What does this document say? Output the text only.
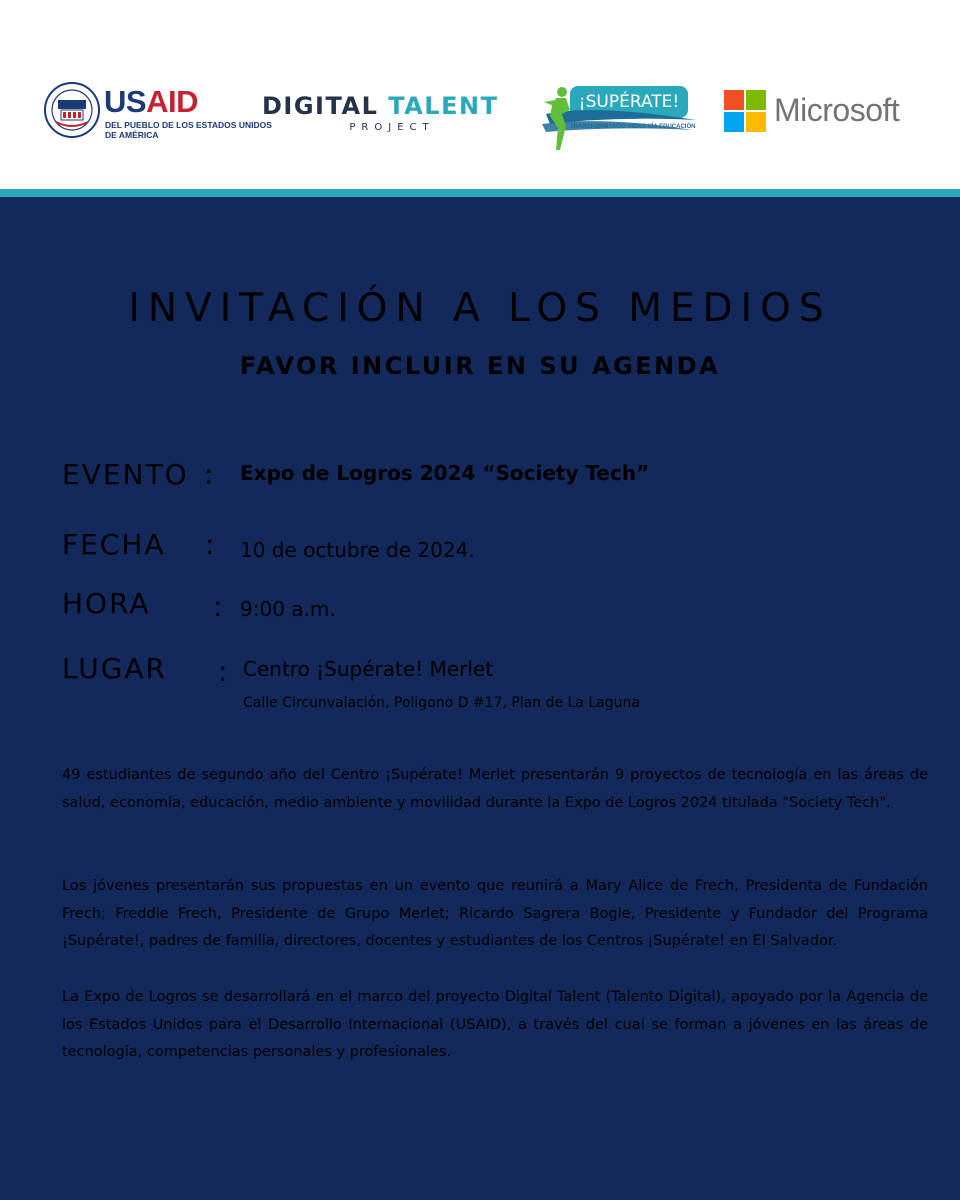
USAID
DEL PUEBLO DE LOS ESTADOS UNIDOS DE AMÉRICA
DIGITAL TALENT
PROJECT
¡SUPÉRATE!
TRANSFORMANDO VIDAS VÍA EDUCACIÓN Microsoft
INVITACIÓN A LOS MEDIOS
FAVOR INCLUIR EN SU AGENDA
EVENTO : Expo de Logros 2024 “Society Tech”
FECHA : 10 de octubre de 2024.
HORA : 9:00 a.m.
LUGAR : Centro ¡Supérate! Merlet
Calle Circunvalación, Poligono D #17, Plan de La Laguna

49 estudiantes de segundo año del Centro ¡Supérate! Merlet presentarán 9 proyectos de tecnología en las áreas de salud, economía, educación, medio ambiente y movilidad durante la Expo de Logros 2024 titulada "Society Tech".

Los jóvenes presentarán sus propuestas en un evento que reunirá a Mary Alice de Frech, Presidenta de Fundación Frech; Freddie Frech, Presidente de Grupo Merlet; Ricardo Sagrera Bogle, Presidente y Fundador del Programa ¡Supérate!, padres de familia, directores, docentes y estudiantes de los Centros ¡Supérate! en El Salvador.

La Expo de Logros se desarrollará en el marco del proyecto Digital Talent (Talento Digital), apoyado por la Agencia de los Estados Unidos para el Desarrollo Internacional (USAID), a través del cual se forman a jóvenes en las áreas de tecnología, competencias personales y profesionales.
